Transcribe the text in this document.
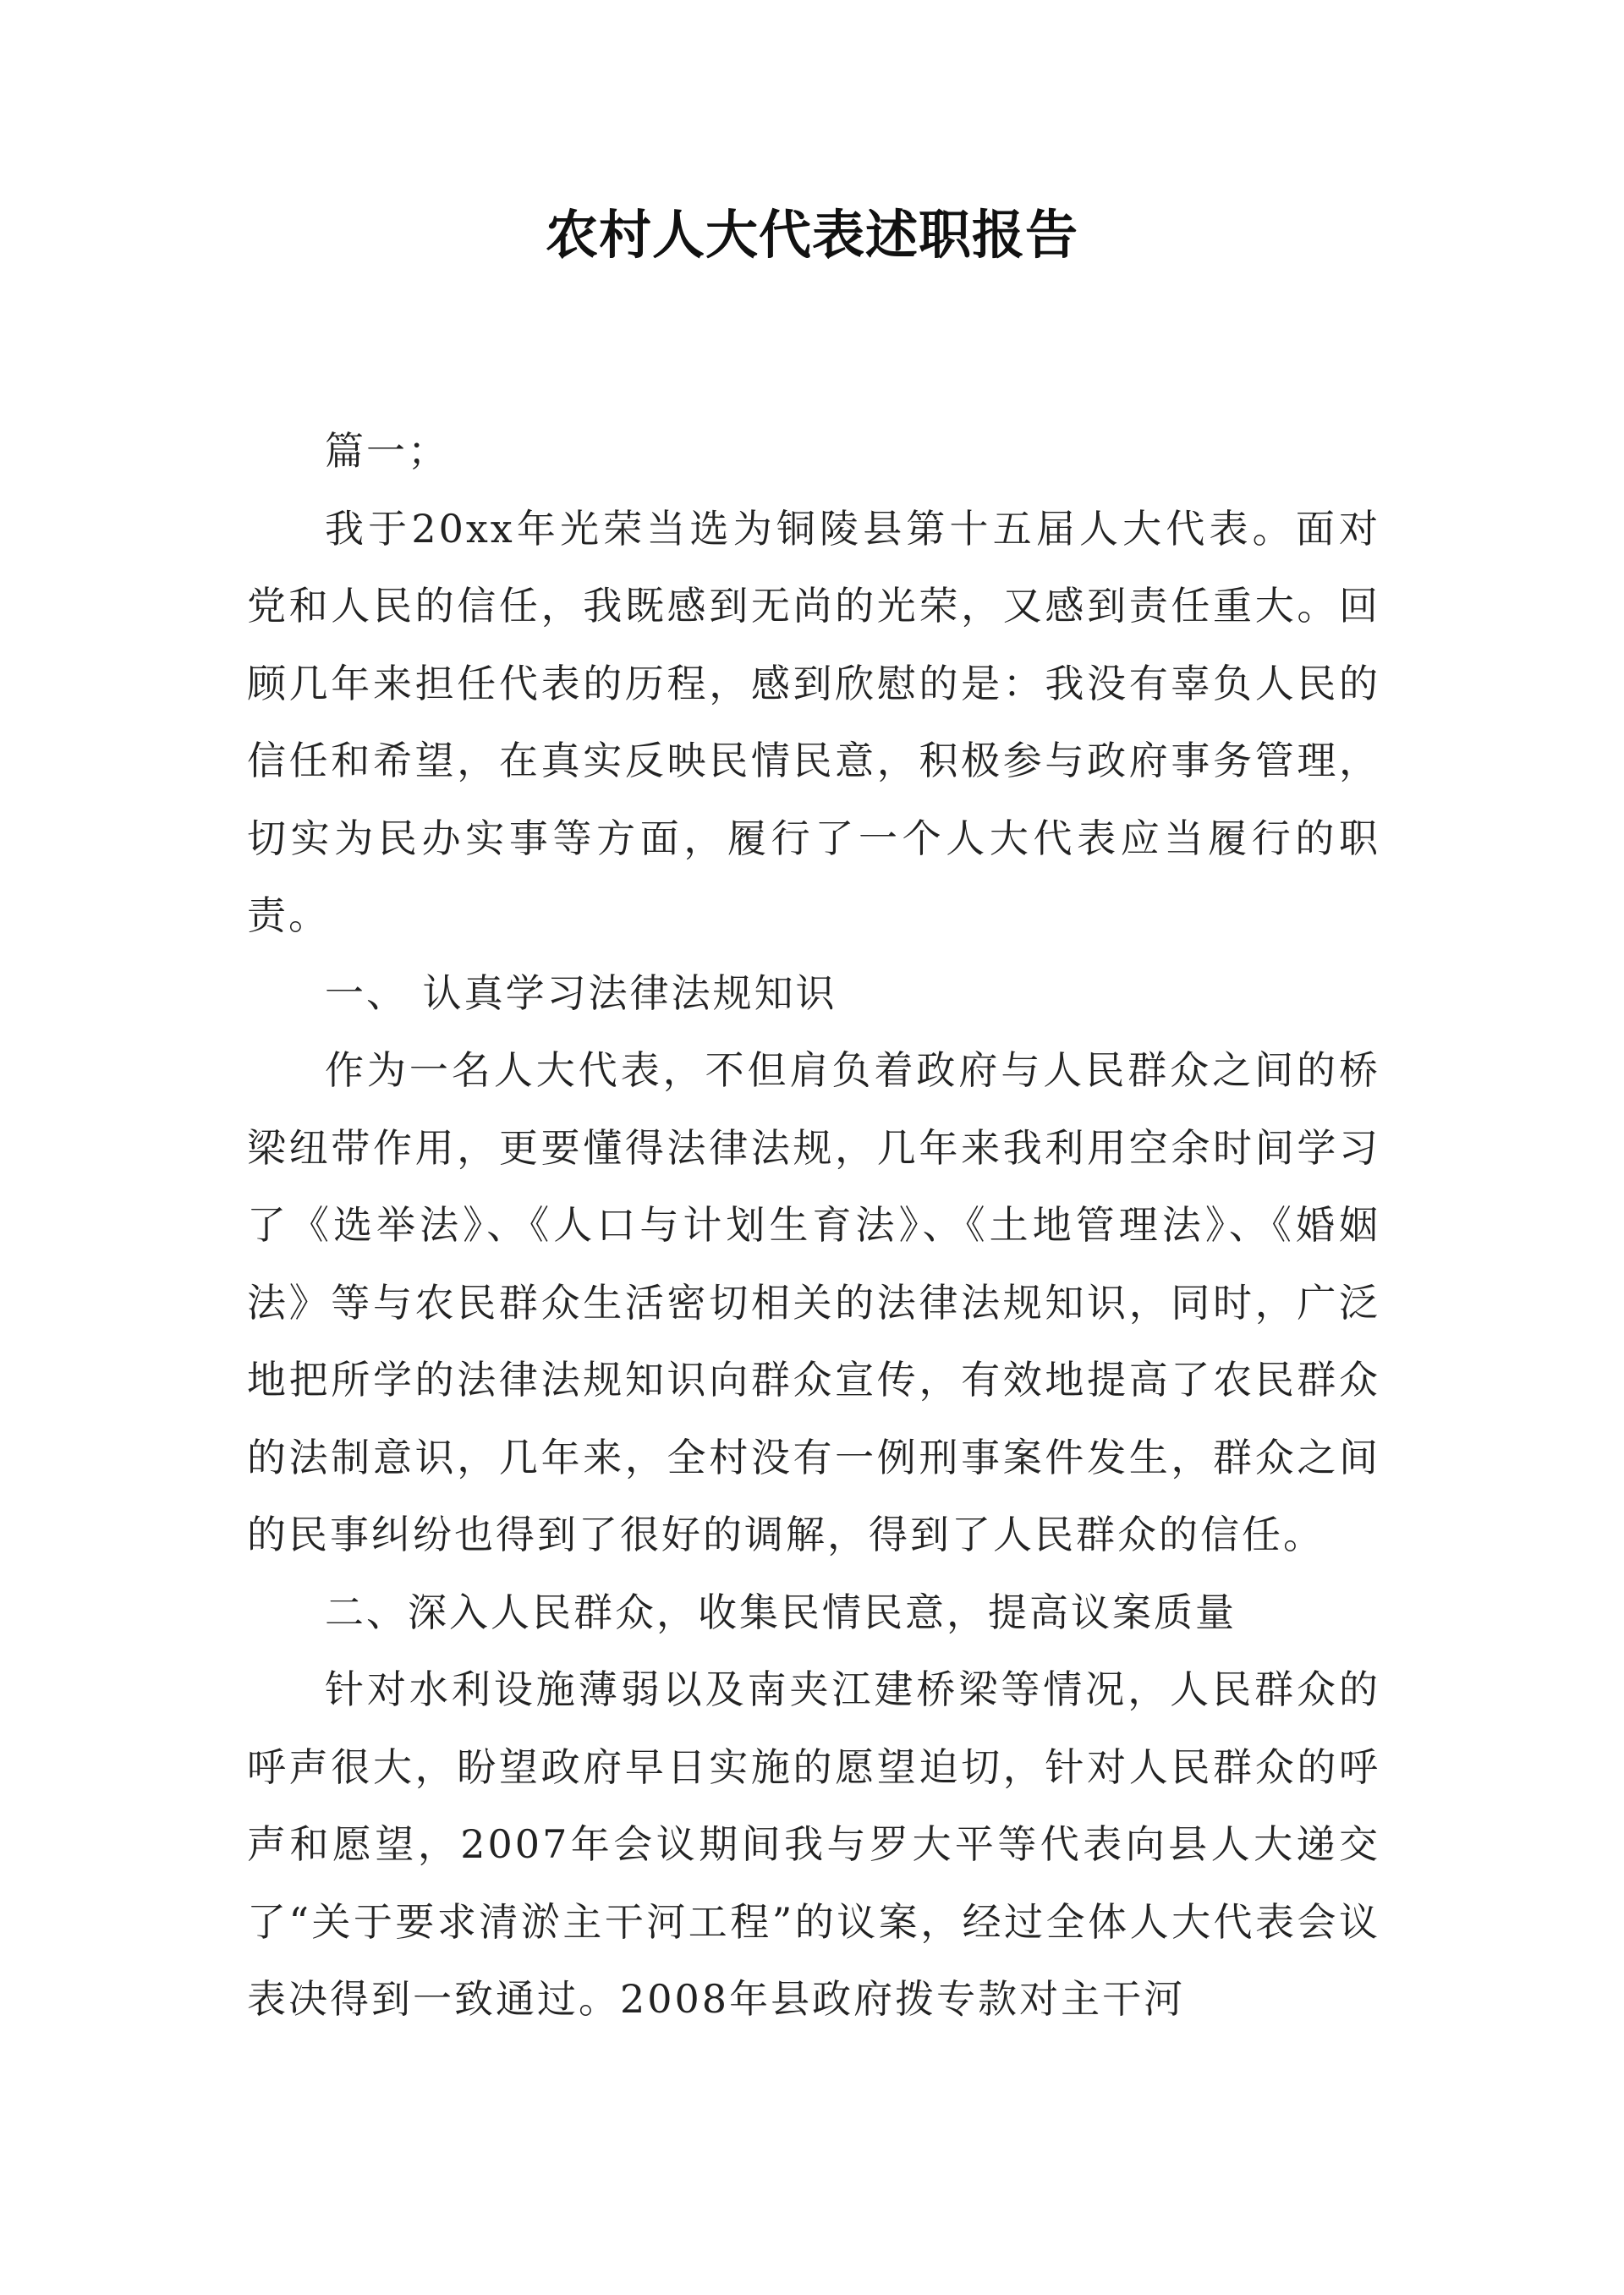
农村人大代表述职报告

篇一；

我于20xx年光荣当选为铜陵县第十五届人大代表。面对党和人民的信任，我既感到无尚的光荣，又感到责任重大。回顾几年来担任代表的历程，感到欣慰的是：我没有辜负人民的信任和希望，在真实反映民情民意，积极参与政府事务管理，切实为民办实事等方面，履行了一个人大代表应当履行的职责。

一、 认真学习法律法规知识

作为一名人大代表，不但肩负着政府与人民群众之间的桥梁纽带作用，更要懂得法律法规，几年来我利用空余时间学习了《选举法》、《人口与计划生育法》、《土地管理法》、《婚姻法》等与农民群众生活密切相关的法律法规知识，同时，广泛地把所学的法律法规知识向群众宣传，有效地提高了农民群众的法制意识，几年来，全村没有一例刑事案件发生，群众之间的民事纠纷也得到了很好的调解，得到了人民群众的信任。

二、深入人民群众，收集民情民意，提高议案质量

针对水利设施薄弱以及南夹江建桥梁等情况，人民群众的呼声很大，盼望政府早日实施的愿望迫切，针对人民群众的呼声和愿望，2007年会议期间我与罗大平等代表向县人大递交了“关于要求清淤主干河工程”的议案，经过全体人大代表会议表决得到一致通过。2008年县政府拨专款对主干河
